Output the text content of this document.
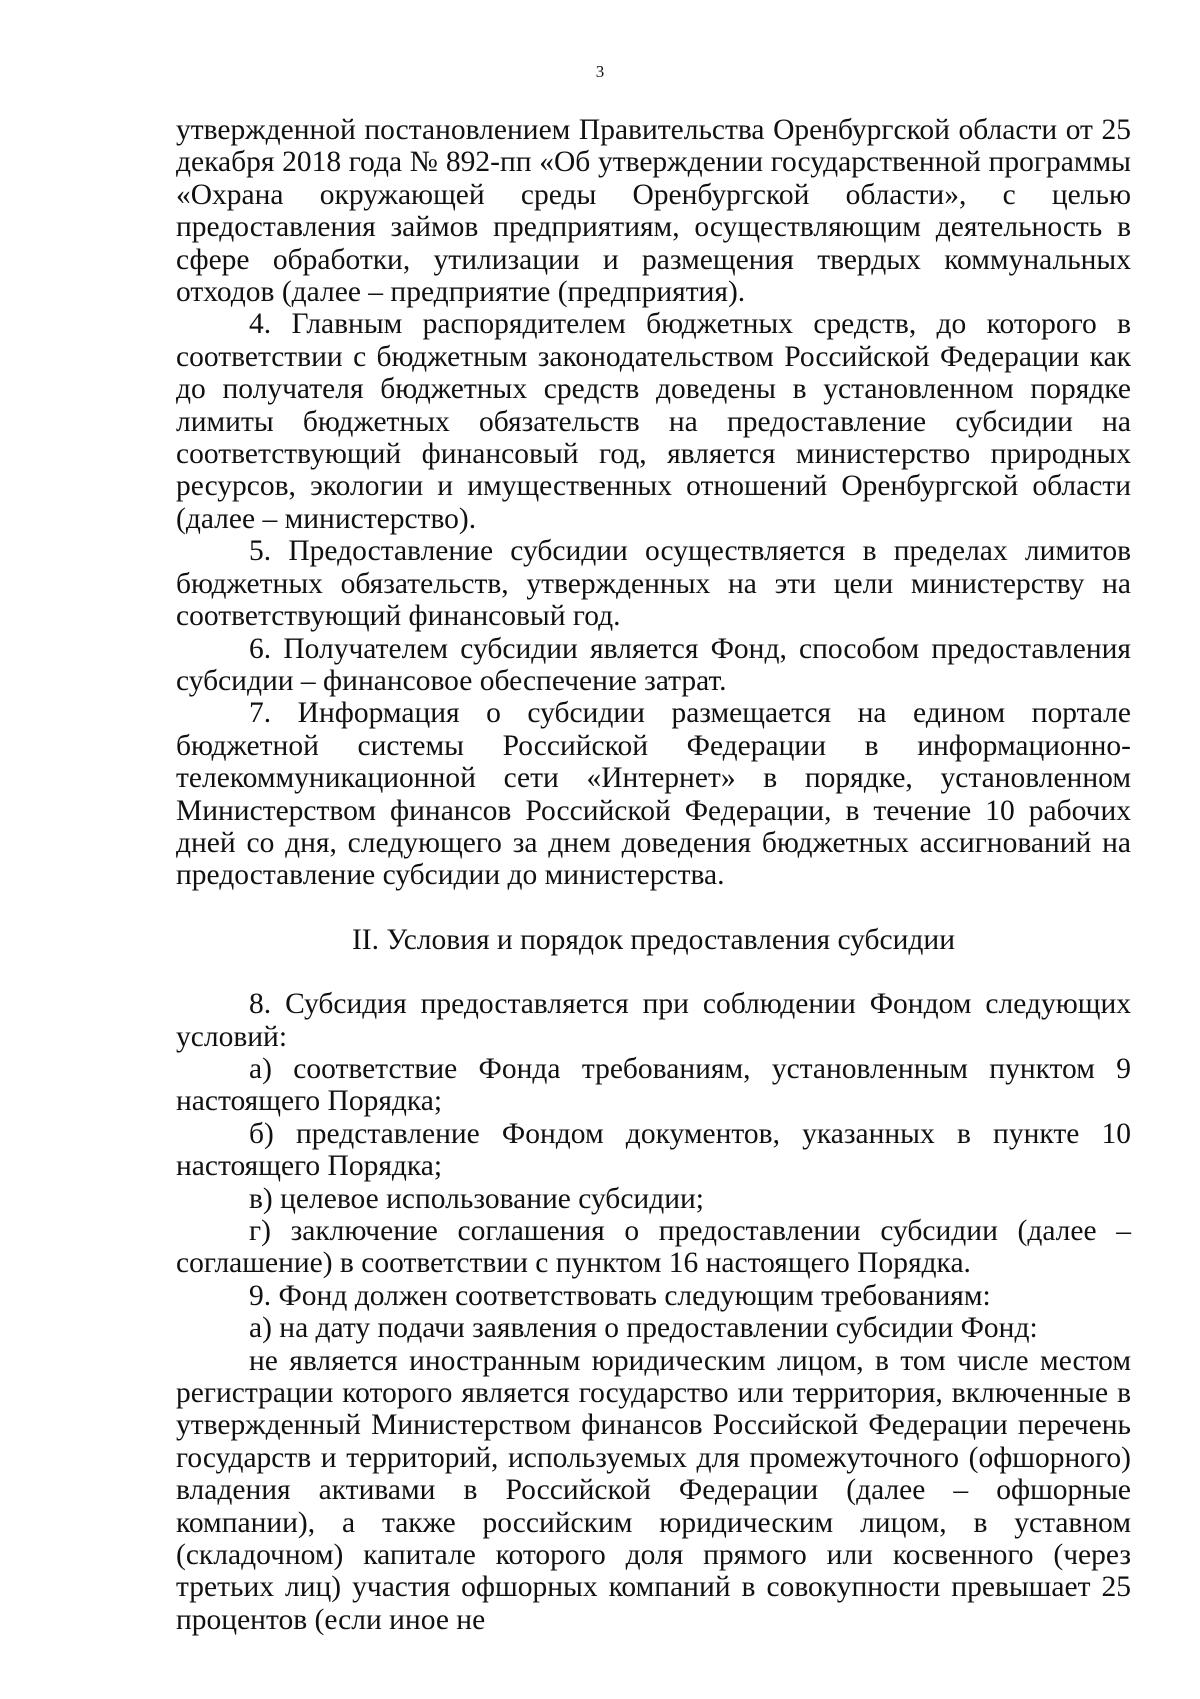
3

утвержденной постановлением Правительства Оренбургской области от 25 декабря 2018 года № 892-пп «Об утверждении государственной программы «Охрана окружающей среды Оренбургской области», с целью предоставления займов предприятиям, осуществляющим деятельность в сфере обработки, утилизации и размещения твердых коммунальных отходов (далее – предприятие (предприятия).

4. Главным распорядителем бюджетных средств, до которого в соответствии с бюджетным законодательством Российской Федерации как до получателя бюджетных средств доведены в установленном порядке лимиты бюджетных обязательств на предоставление субсидии на соответствующий финансовый год, является министерство природных ресурсов, экологии и имущественных отношений Оренбургской области (далее – министерство).

5. Предоставление субсидии осуществляется в пределах лимитов бюджетных обязательств, утвержденных на эти цели министерству на соответствующий финансовый год.

6. Получателем субсидии является Фонд, способом предоставления субсидии – финансовое обеспечение затрат.

7. Информация о субсидии размещается на едином портале бюджетной системы Российской Федерации в информационно-телекоммуникационной сети «Интернет» в порядке, установленном Министерством финансов Российской Федерации, в течение 10 рабочих дней со дня, следующего за днем доведения бюджетных ассигнований на предоставление субсидии до министерства.

II. Условия и порядок предоставления субсидии

8. Субсидия предоставляется при соблюдении Фондом следующих условий:

а) соответствие Фонда требованиям, установленным пунктом 9 настоящего Порядка;

б) представление Фондом документов, указанных в пункте 10 настоящего Порядка;

в) целевое использование субсидии;

г) заключение соглашения о предоставлении субсидии (далее – соглашение) в соответствии с пунктом 16 настоящего Порядка.

9. Фонд должен соответствовать следующим требованиям:

а) на дату подачи заявления о предоставлении субсидии Фонд:

не является иностранным юридическим лицом, в том числе местом регистрации которого является государство или территория, включенные в утвержденный Министерством финансов Российской Федерации перечень государств и территорий, используемых для промежуточного (офшорного) владения активами в Российской Федерации (далее – офшорные компании), а также российским юридическим лицом, в уставном (складочном) капитале которого доля прямого или косвенного (через третьих лиц) участия офшорных компаний в совокупности превышает 25 процентов (если иное не
